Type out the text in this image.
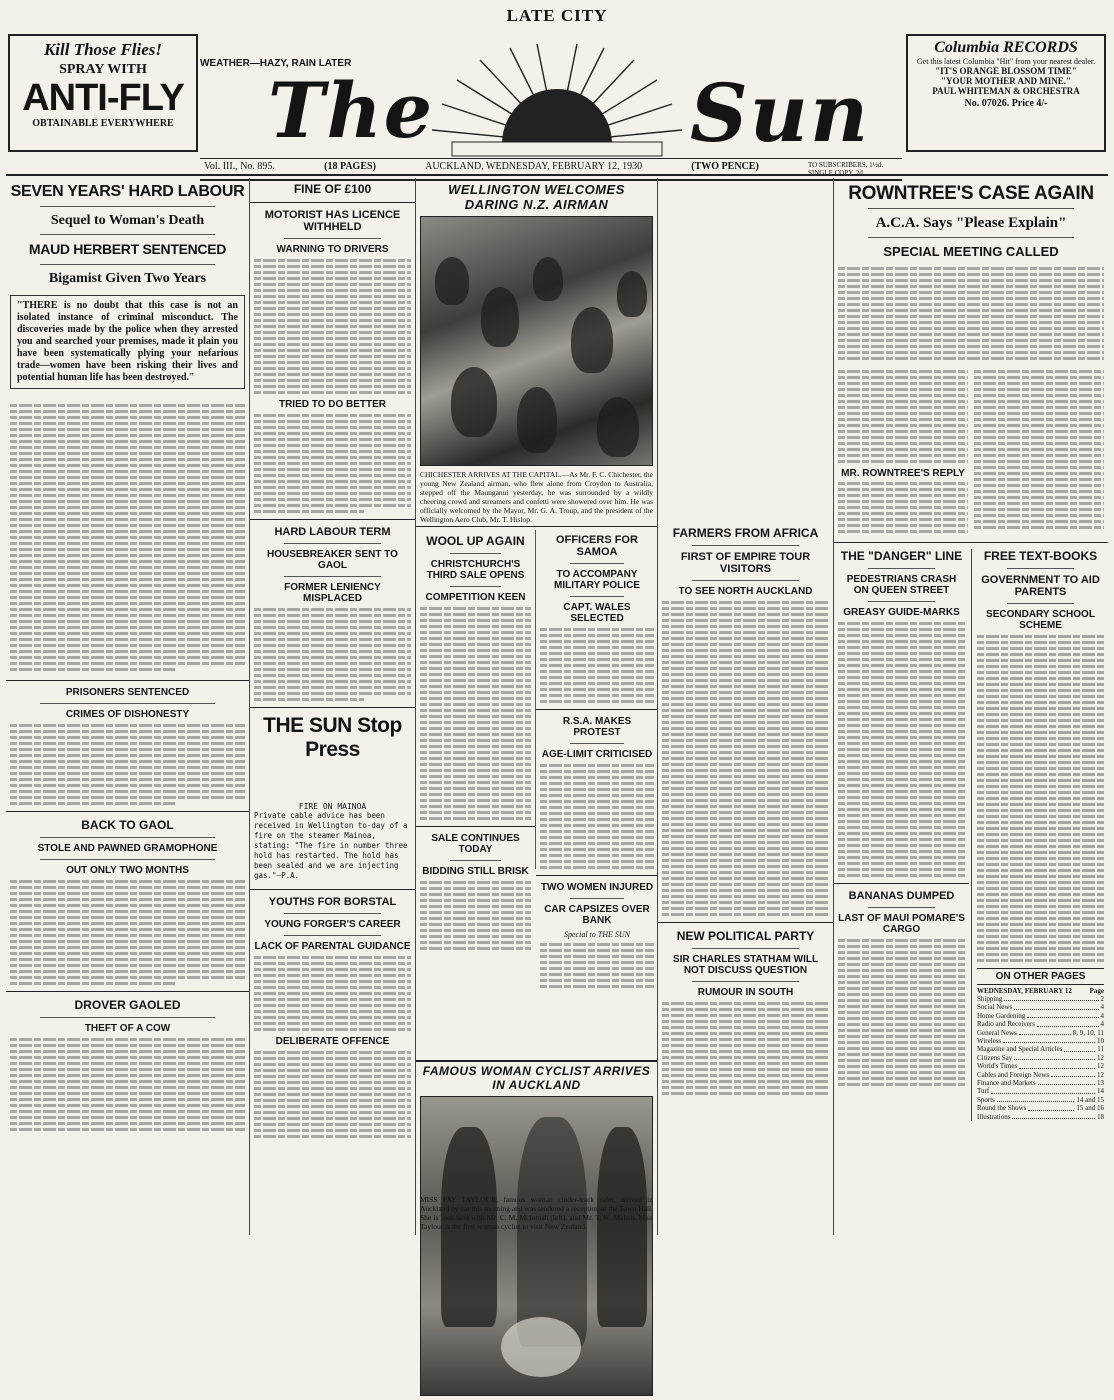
LATE CITY
Kill Those Flies!
SPRAY WITH
ANTI-FLY
OBTAINABLE EVERYWHERE
WEATHER—HAZY, RAIN LATER
The	Sun
Columbia RECORDS
Get this latest Columbia "Hit" from your nearest dealer.
"IT'S ORANGE BLOSSOM TIME"
"YOUR MOTHER AND MINE."
PAUL WHITEMAN & ORCHESTRA
No. 07026. Price 4/-
Vol. III., No. 895.	(18 PAGES)	AUCKLAND, WEDNESDAY, FEBRUARY 12, 1930	(TWO PENCE)	TO SUBSCRIBERS, 1½d. SINGLE COPY, 2d.
SEVEN YEARS' HARD LABOUR
Sequel to Woman's Death
MAUD HERBERT SENTENCED
Bigamist Given Two Years
"THERE is no doubt that this case is not an isolated instance of criminal misconduct. The discoveries made by the police when they arrested you and searched your premises, made it plain you have been systematically plying your nefarious trade—women have been risking their lives and potential human life has been destroyed."
PRISONERS SENTENCED
CRIMES OF DISHONESTY
BACK TO GAOL
STOLE AND PAWNED GRAMOPHONE
OUT ONLY TWO MONTHS
DROVER GAOLED
THEFT OF A COW
FINE OF £100
MOTORIST HAS LICENCE WITHHELD
WARNING TO DRIVERS
TRIED TO DO BETTER
HARD LABOUR TERM
HOUSEBREAKER SENT TO GAOL
FORMER LENIENCY MISPLACED
THE SUN Stop Press
FIRE ON MAINOA
Private cable advice has been received in Wellington to-day of a fire on the steamer Mainoa, stating: "The fire in number three hold has restarted. The hold has been sealed and we are injecting gas."—P.A.
YOUTHS FOR BORSTAL
YOUNG FORGER'S CAREER
LACK OF PARENTAL GUIDANCE
DELIBERATE OFFENCE
WELLINGTON WELCOMES DARING N.Z. AIRMAN
CHICHESTER ARRIVES AT THE CAPITAL.—As Mr. F. C. Chichester, the young New Zealand airman, who flew alone from Croydon to Australia, stepped off the Maunganui yesterday, he was surrounded by a wildly cheering crowd and streamers and confetti were showered over him. He was officially welcomed by the Mayor, Mr. G. A. Troup, and the president of the Wellington Aero Club, Mr. T. Hislop.
WOOL UP AGAIN
CHRISTCHURCH'S THIRD SALE OPENS
COMPETITION KEEN
SALE CONTINUES TODAY
BIDDING STILL BRISK
OFFICERS FOR SAMOA
TO ACCOMPANY MILITARY POLICE
CAPT. WALES SELECTED
R.S.A. MAKES PROTEST
AGE-LIMIT CRITICISED
TWO WOMEN INJURED
CAR CAPSIZES OVER BANK
Special to THE SUN
FAMOUS WOMAN CYCLIST ARRIVES IN AUCKLAND
MISS FAY TAYLOUR, famous woman cinder-track rider, arrived in Auckland by car this morning and was tendered a reception at the Town Hall. She is seen here with Mr. C. M. McIntosh (left), and Mr. T. W. Maben. Miss Taylour is the first woman cyclist to visit New Zealand.
FARMERS FROM AFRICA
FIRST OF EMPIRE TOUR VISITORS
TO SEE NORTH AUCKLAND
NEW POLITICAL PARTY
SIR CHARLES STATHAM WILL NOT DISCUSS QUESTION
RUMOUR IN SOUTH
ROWNTREE'S CASE AGAIN
A.C.A. Says "Please Explain"
SPECIAL MEETING CALLED
MR. ROWNTREE'S REPLY
THE "DANGER" LINE
PEDESTRIANS CRASH ON QUEEN STREET
GREASY GUIDE-MARKS
BANANAS DUMPED
LAST OF MAUI POMARE'S CARGO
FREE TEXT-BOOKS
GOVERNMENT TO AID PARENTS
SECONDARY SCHOOL SCHEME
ON OTHER PAGES
WEDNESDAY, FEBRUARY 12	Page
Shipping	2
Social News	4
Home Gardening	4
Radio and Receivers	4
General News	8, 9, 10, 11
Wireless	10
Magazine and Special Articles	11
Citizens Say	12
World's Times	12
Cables and Foreign News	12
Finance and Markets	13
Turf	14
Sports	14 and 15
Round the Shows	15 and 16
Illustrations	18
